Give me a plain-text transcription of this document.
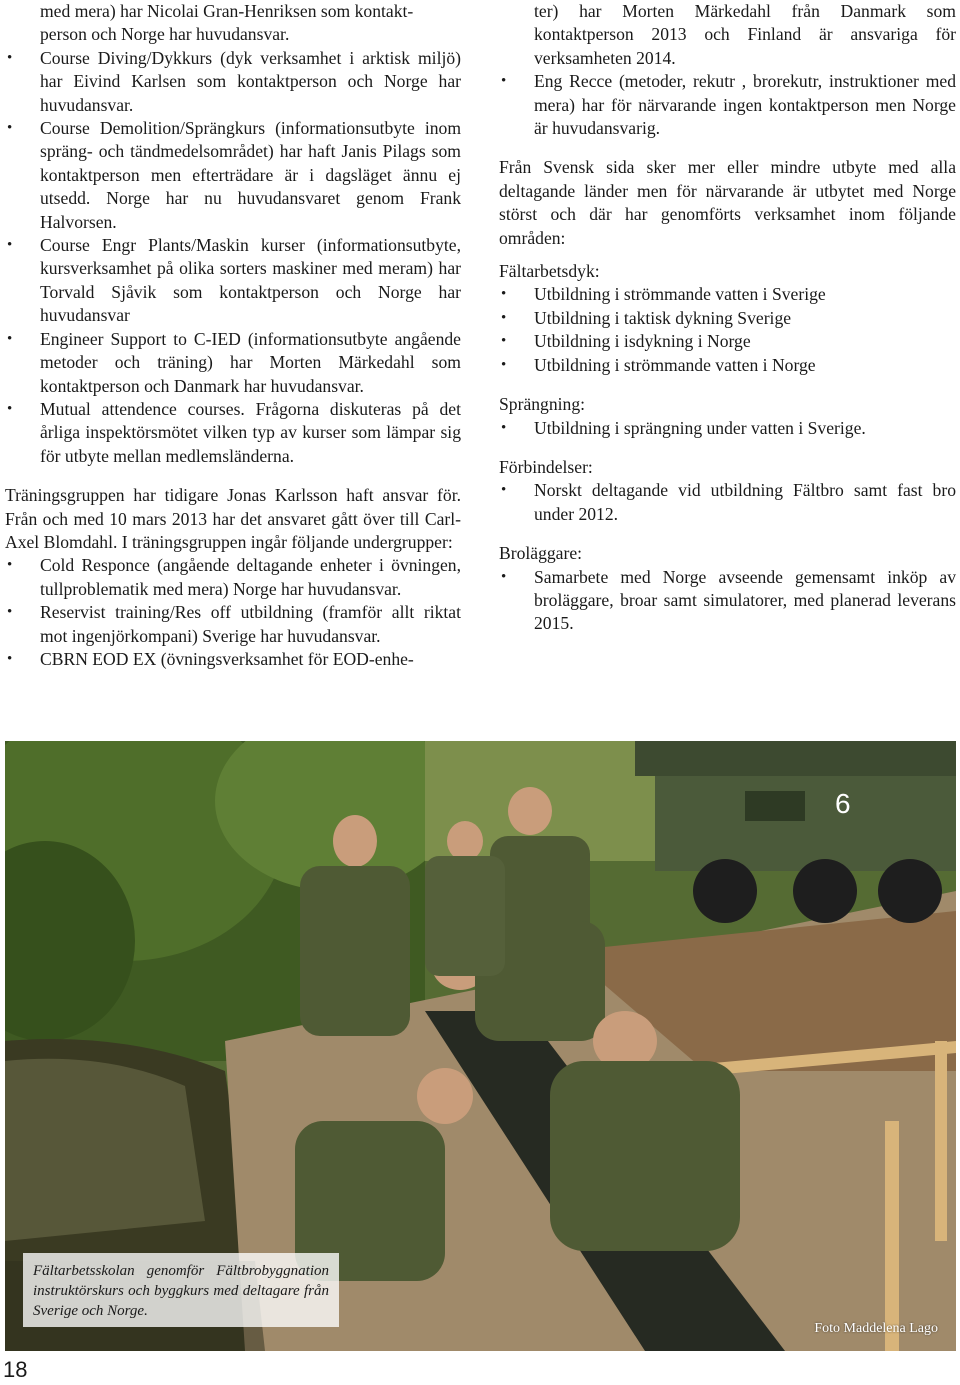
med mera) har Nicolai Gran-Henriksen som kontakt-

person och Norge har huvudansvar.

• Course Diving/Dykkurs (dyk verksamhet i arktisk miljö) har Eivind Karlsen som kontaktperson och Norge har huvudansvar.
• Course Demolition/Sprängkurs (informationsutbyte inom spräng- och tändmedelsområdet) har haft Janis Pilags som kontaktperson men efterträdare är i dagsläget ännu ej utsedd. Norge har nu huvudansvaret genom Frank Halvorsen.
• Course Engr Plants/Maskin kurser (informationsutbyte, kursverksamhet på olika sorters maskiner med meram) har Torvald Sjåvik som kontaktperson och Norge har huvudansvar
• Engineer Support to C-IED (informationsutbyte angående metoder och träning) har Morten Märkedahl som kontaktperson och Danmark har huvudansvar.
• Mutual attendence courses. Frågorna diskuteras på det årliga inspektörsmötet vilken typ av kurser som lämpar sig för utbyte mellan medlemsländerna.

Träningsgruppen har tidigare Jonas Karlsson haft ansvar för. Från och med 10 mars 2013 har det ansvaret gått över till Carl-Axel Blomdahl. I träningsgruppen ingår följande undergrupper:

• Cold Responce (angående deltagande enheter i övningen, tullproblematik med mera) Norge har huvudansvar.
• Reservist training/Res off utbildning (framför allt riktat mot ingenjörkompani) Sverige har huvudansvar.
• CBRN EOD EX (övningsverksamhet för EOD-enhe-

ter) har Morten Märkedahl från Danmark som kontaktperson 2013 och Finland är ansvariga för verksamheten 2014.

• Eng Recce (metoder, rekutr , brorekutr, instruktioner med mera) har för närvarande ingen kontaktperson men Norge är huvudansvarig.

Från Svensk sida sker mer eller mindre utbyte med alla deltagande länder men för närvarande är utbytet med Norge störst och där har genomförts verksamhet inom följande områden:

Fältarbetsdyk:

• Utbildning i strömmande vatten i Sverige
• Utbildning i taktisk dykning Sverige
• Utbildning i isdykning i Norge
• Utbildning i strömmande vatten i Norge

Sprängning:

• Utbildning i sprängning under vatten i Sverige.

Förbindelser:

• Norskt deltagande vid utbildning Fältbro samt fast bro under 2012.

Broläggare:

• Samarbete med Norge avseende gemensamt inköp av broläggare, broar samt simulatorer, med planerad leverans 2015.
6
Fältarbetsskolan genomför Fältbrobyggnation instruktörskurs och byggkurs med deltagare från Sverige och Norge.
Foto Maddelena Lago
18
